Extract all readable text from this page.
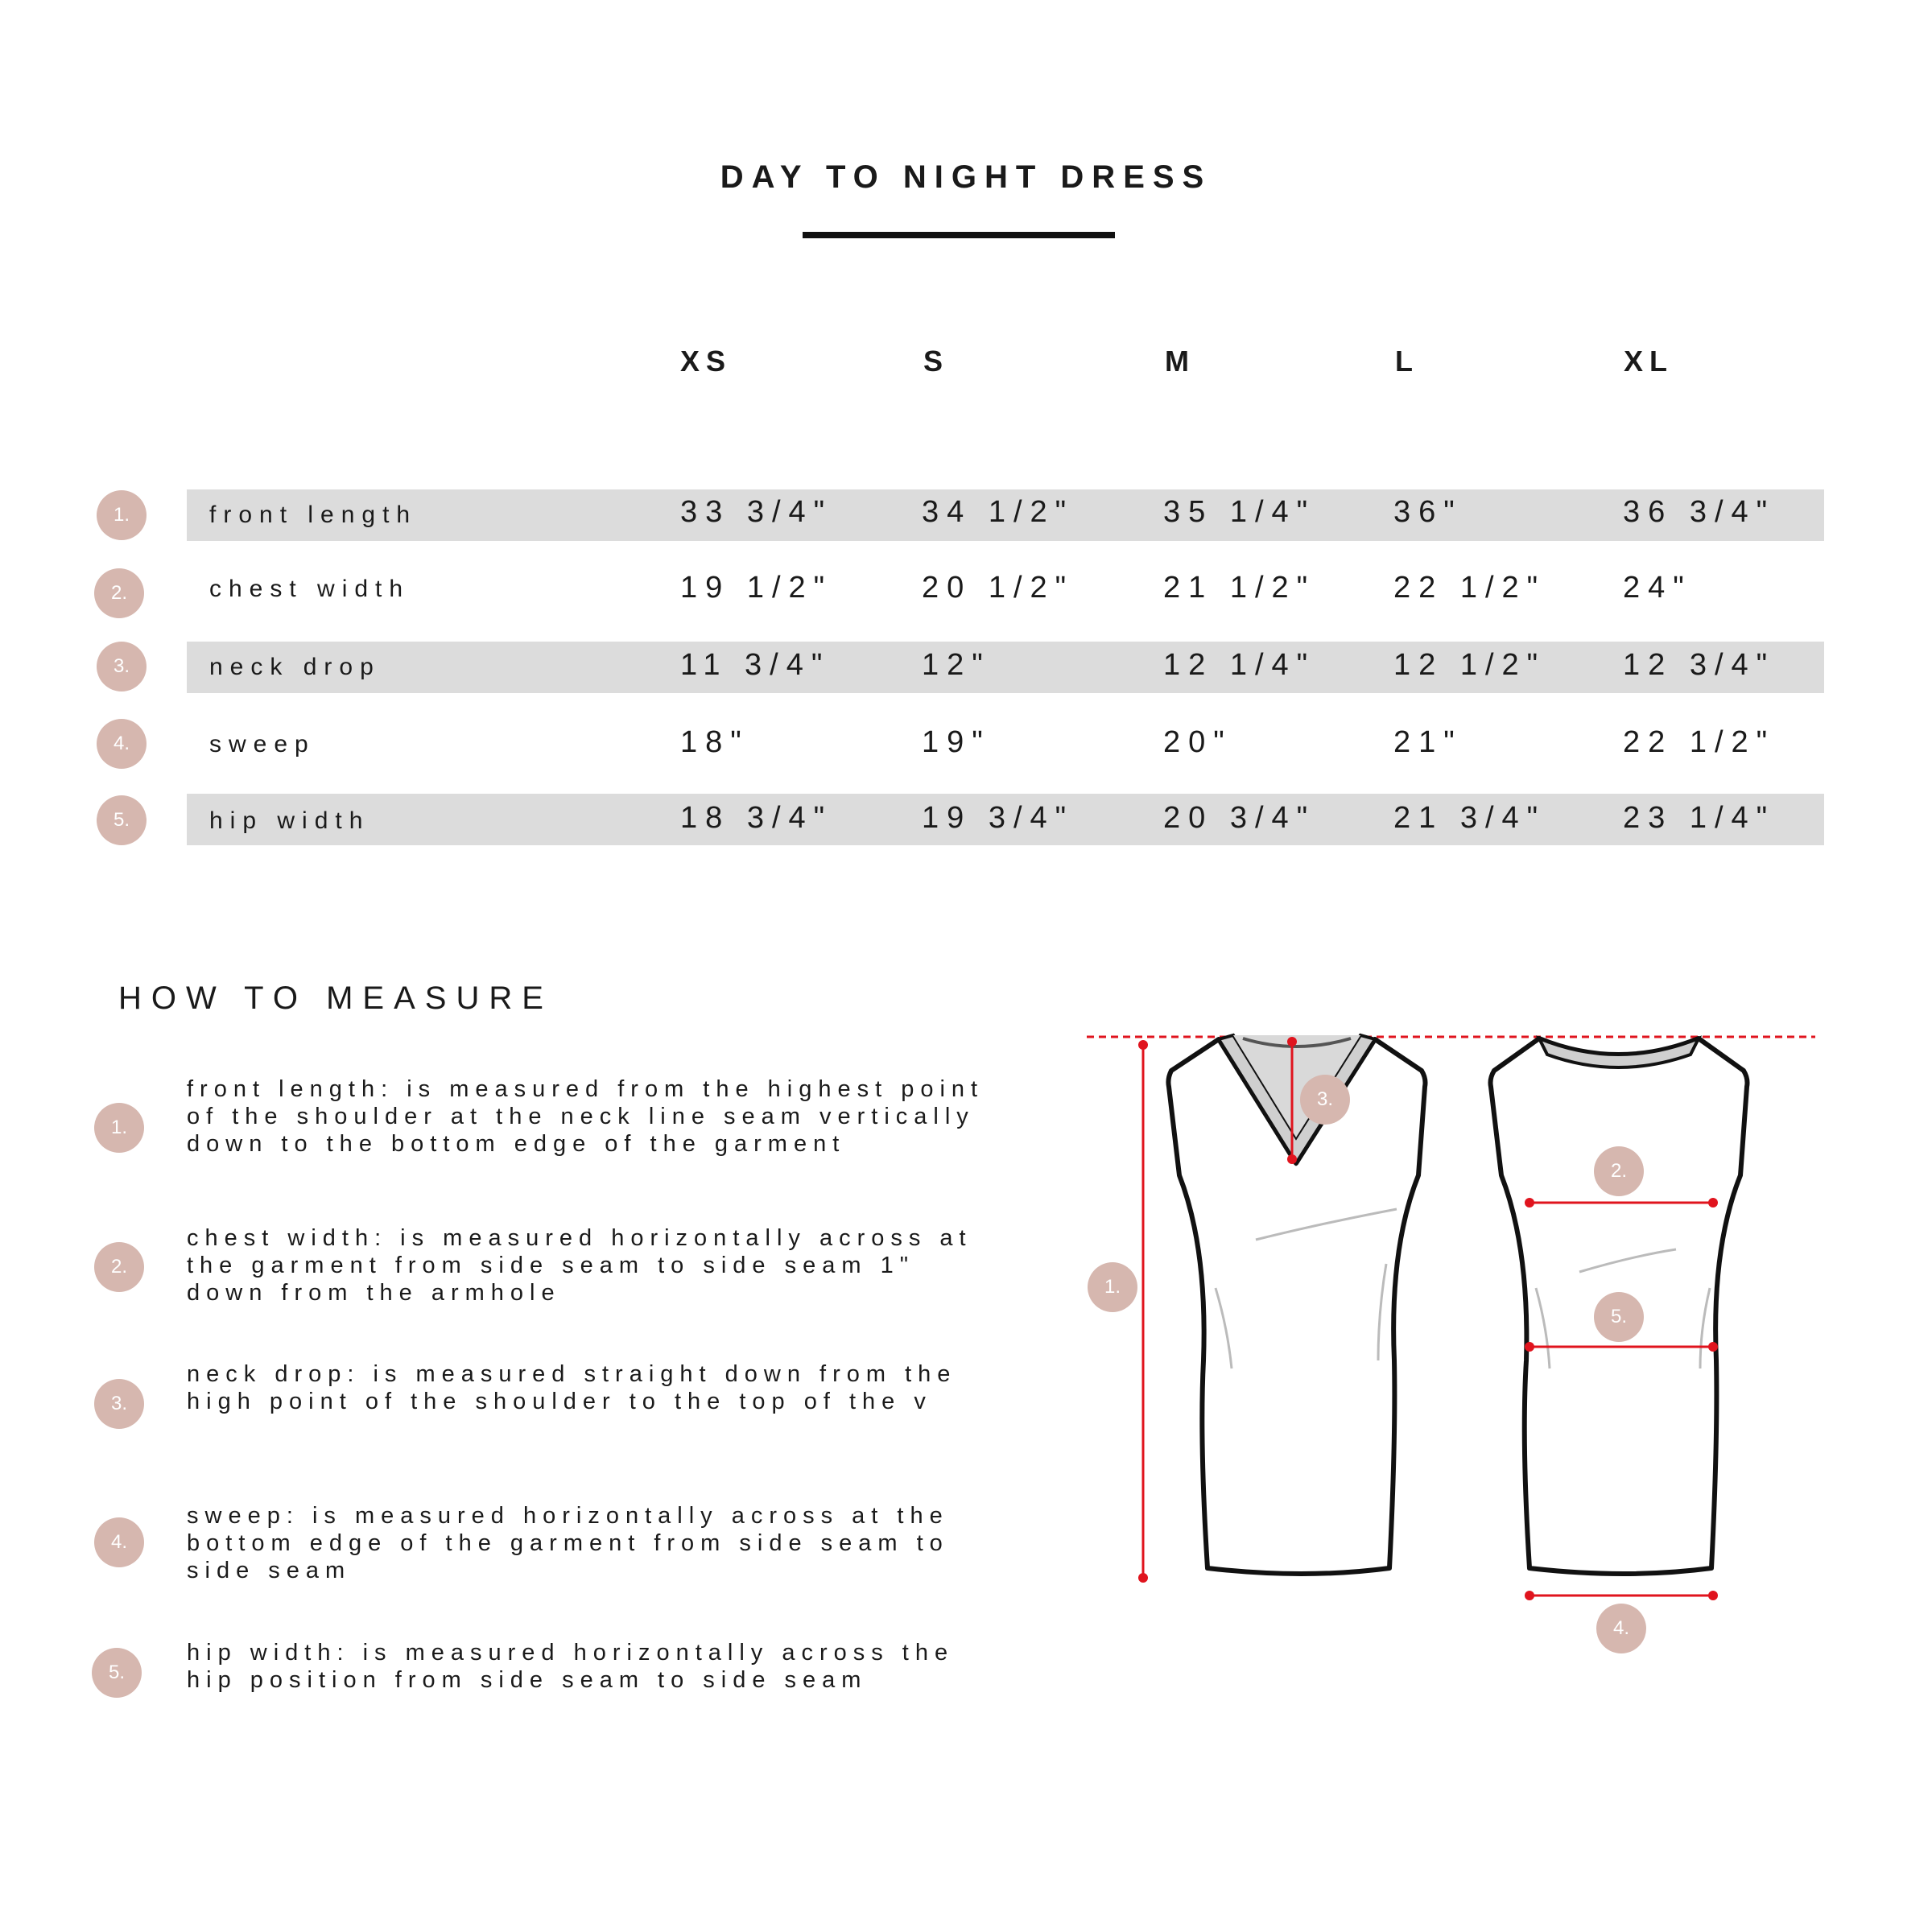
DAY TO NIGHT DRESS
XS	S	M	L	XL
1.	front length	33 3/4"	34 1/2"	35 1/4"	36"	36 3/4"
2.	chest width	19 1/2"	20 1/2"	21 1/2"	22 1/2"	24"
3.	neck drop	11 3/4"	12"	12 1/4"	12 1/2"	12 3/4"
4.	sweep	18"	19"	20"	21"	22 1/2"
5.	hip width	18 3/4"	19 3/4"	20 3/4"	21 3/4"	23 1/4"
HOW TO MEASURE
1.
front length: is measured from the highest point of the shoulder at the neck line seam vertically down to the bottom edge of the garment
2.
chest width: is measured horizontally across at the garment from side seam to side seam 1" down from the armhole
3.
neck drop: is measured straight down from the high point of the shoulder to the top of the v
4.
sweep: is measured horizontally across at the bottom edge of the garment from side seam to side seam
5.
hip width: is measured horizontally across the hip position from side seam to side seam
1.
2.
3.
4.
5.
